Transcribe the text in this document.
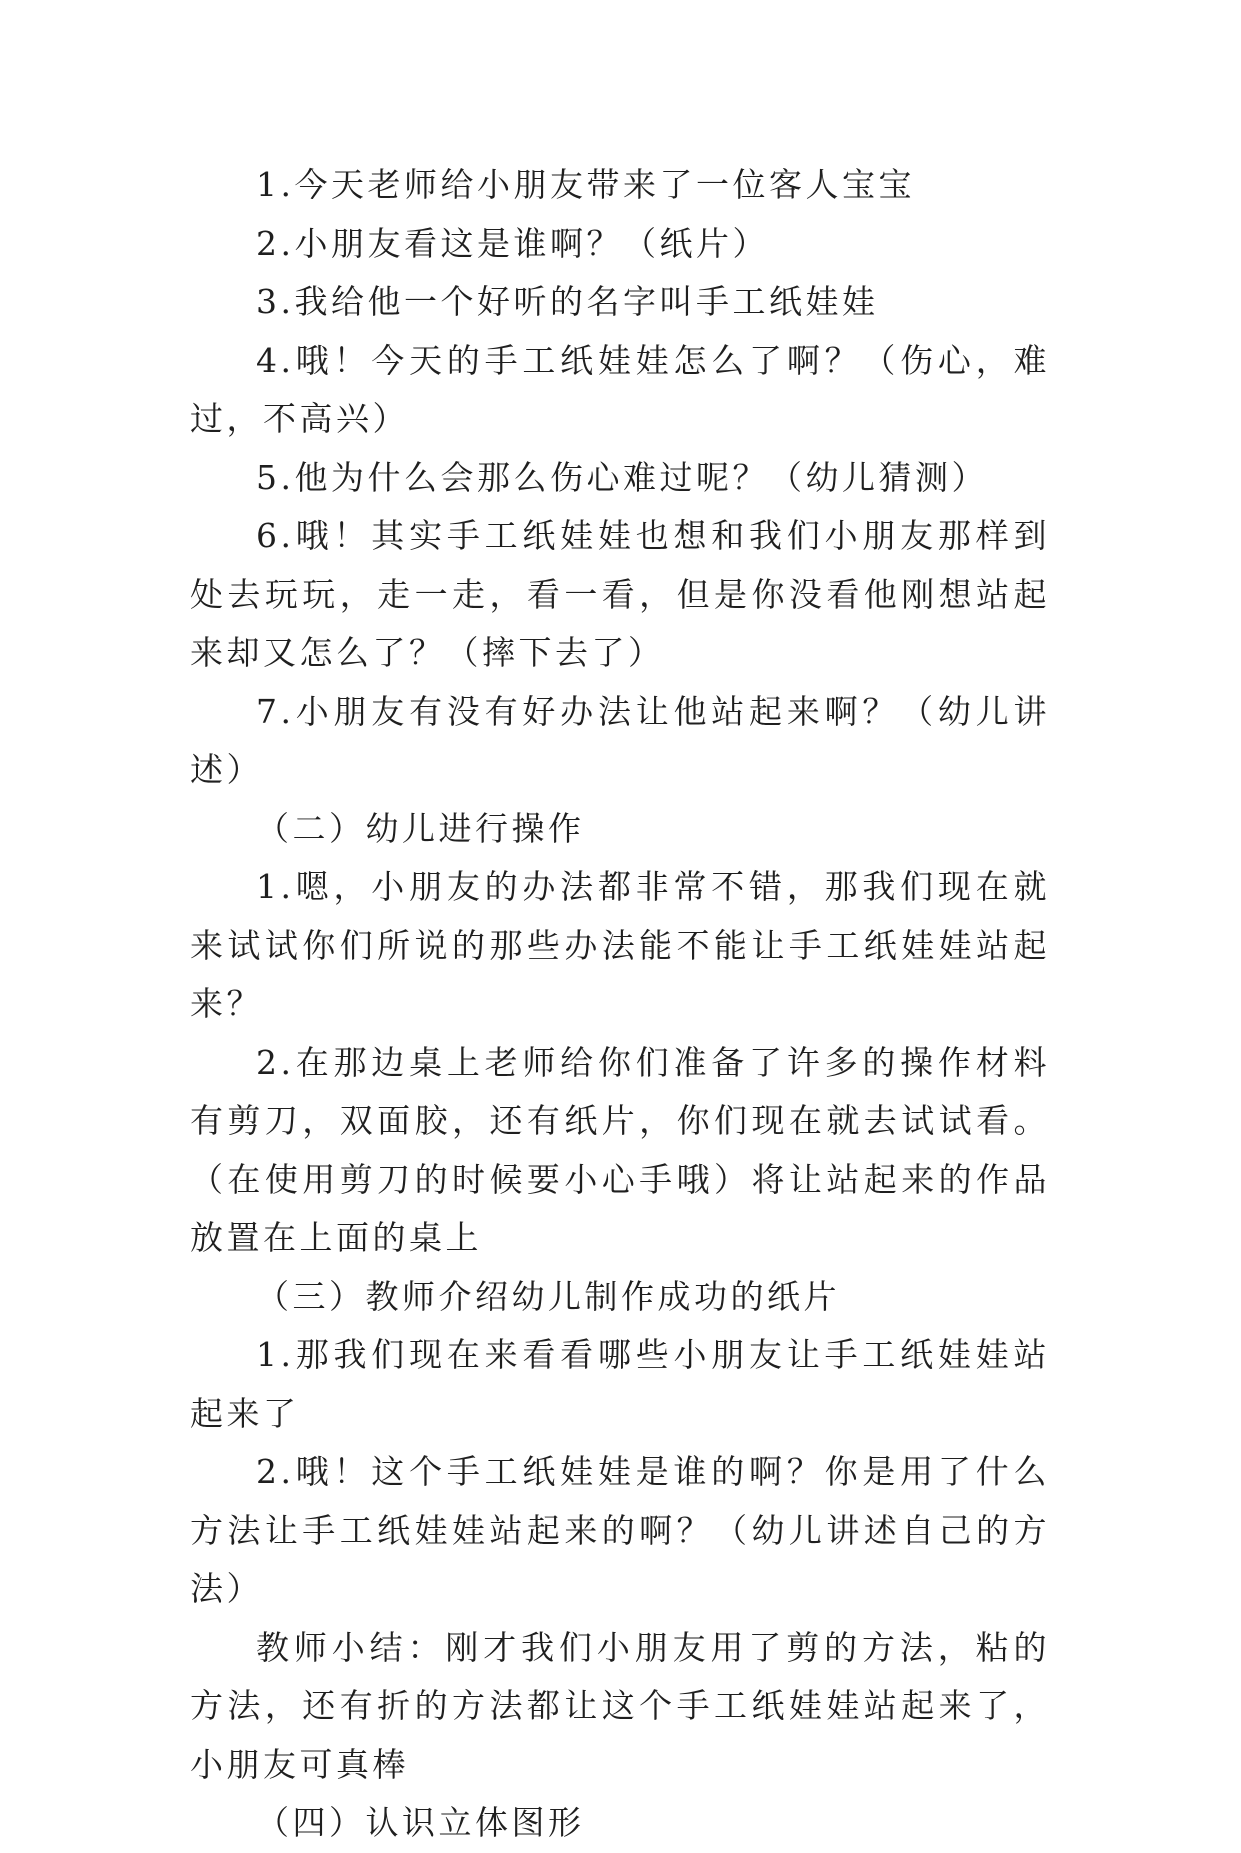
1.今天老师给小朋友带来了一位客人宝宝

2.小朋友看这是谁啊？（纸片）

3.我给他一个好听的名字叫手工纸娃娃

4.哦！今天的手工纸娃娃怎么了啊？（伤心，难过，不高兴）

5.他为什么会那么伤心难过呢？（幼儿猜测）

6.哦！其实手工纸娃娃也想和我们小朋友那样到处去玩玩，走一走，看一看，但是你没看他刚想站起来却又怎么了？（摔下去了）

7.小朋友有没有好办法让他站起来啊？（幼儿讲述）

（二）幼儿进行操作

1.嗯，小朋友的办法都非常不错，那我们现在就来试试你们所说的那些办法能不能让手工纸娃娃站起来？

2.在那边桌上老师给你们准备了许多的操作材料有剪刀，双面胶，还有纸片，你们现在就去试试看。（在使用剪刀的时候要小心手哦）将让站起来的作品放置在上面的桌上

（三）教师介绍幼儿制作成功的纸片

1.那我们现在来看看哪些小朋友让手工纸娃娃站起来了

2.哦！这个手工纸娃娃是谁的啊？你是用了什么方法让手工纸娃娃站起来的啊？（幼儿讲述自己的方法）

教师小结：刚才我们小朋友用了剪的方法，粘的方法，还有折的方法都让这个手工纸娃娃站起来了，小朋友可真棒

（四）认识立体图形
